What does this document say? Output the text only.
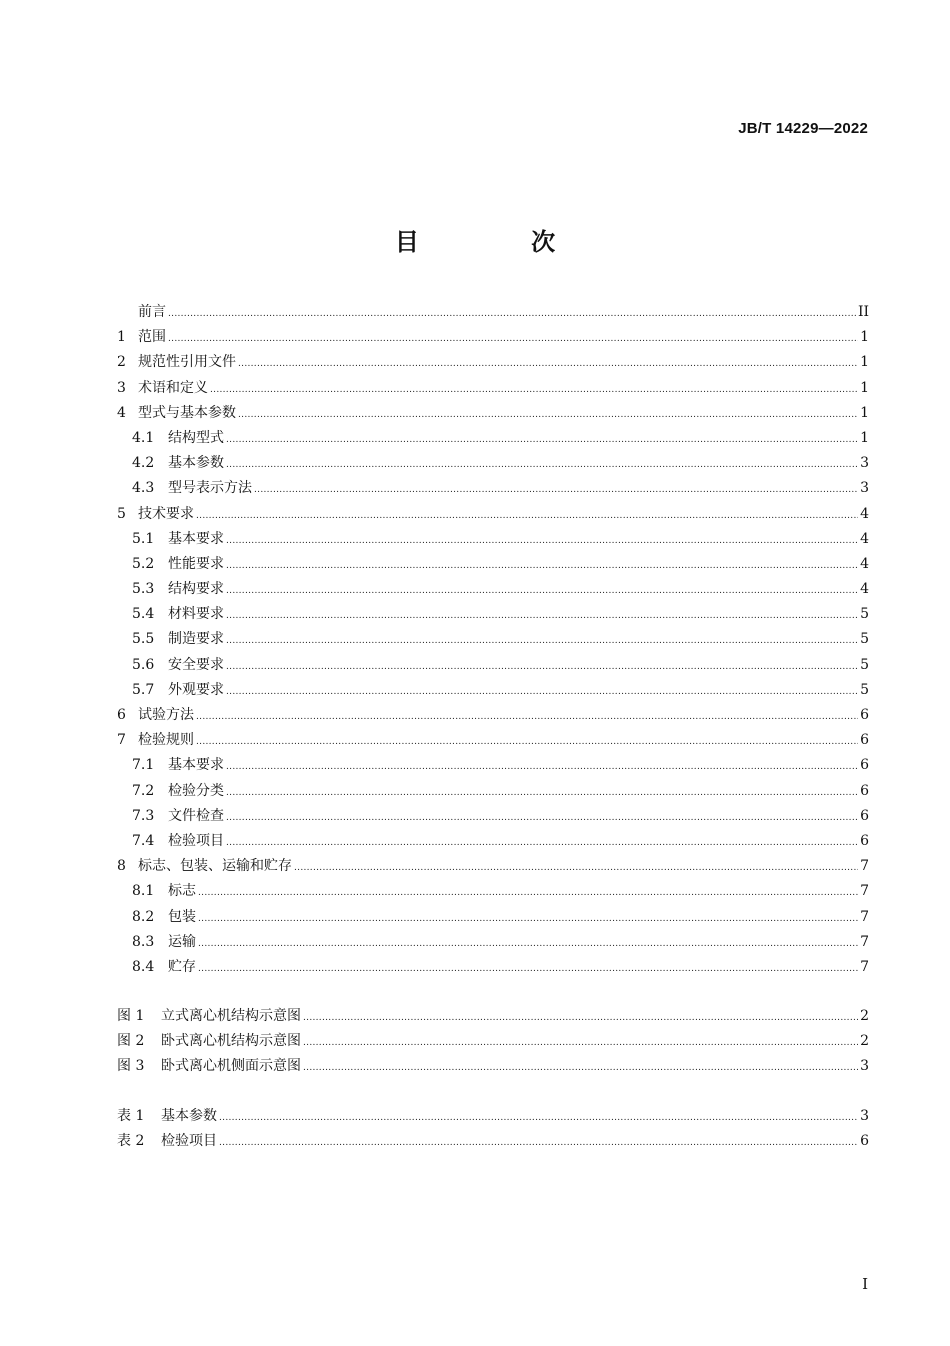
JB/T 14229—2022
目 次
前言 .....	II
1 范围 .....	1
2 规范性引用文件 .....	1
3 术语和定义 .....	1
4 型式与基本参数 .....	1
4.1 结构型式 .....	1
4.2 基本参数 .....	3
4.3 型号表示方法 .....	3
5 技术要求 .....	4
5.1 基本要求 .....	4
5.2 性能要求 .....	4
5.3 结构要求 .....	4
5.4 材料要求 .....	5
5.5 制造要求 .....	5
5.6 安全要求 .....	5
5.7 外观要求 .....	5
6 试验方法 .....	6
7 检验规则 .....	6
7.1 基本要求 .....	6
7.2 检验分类 .....	6
7.3 文件检查 .....	6
7.4 检验项目 .....	6
8 标志、包装、运输和贮存 .....	7
8.1 标志 .....	7
8.2 包装 .....	7
8.3 运输 .....	7
8.4 贮存 .....	7
图 1	立式离心机结构示意图 .....	2
图 2	卧式离心机结构示意图 .....	2
图 3	卧式离心机侧面示意图 .....	3
表 1	基本参数 .....	3
表 2	检验项目 .....	6
I
